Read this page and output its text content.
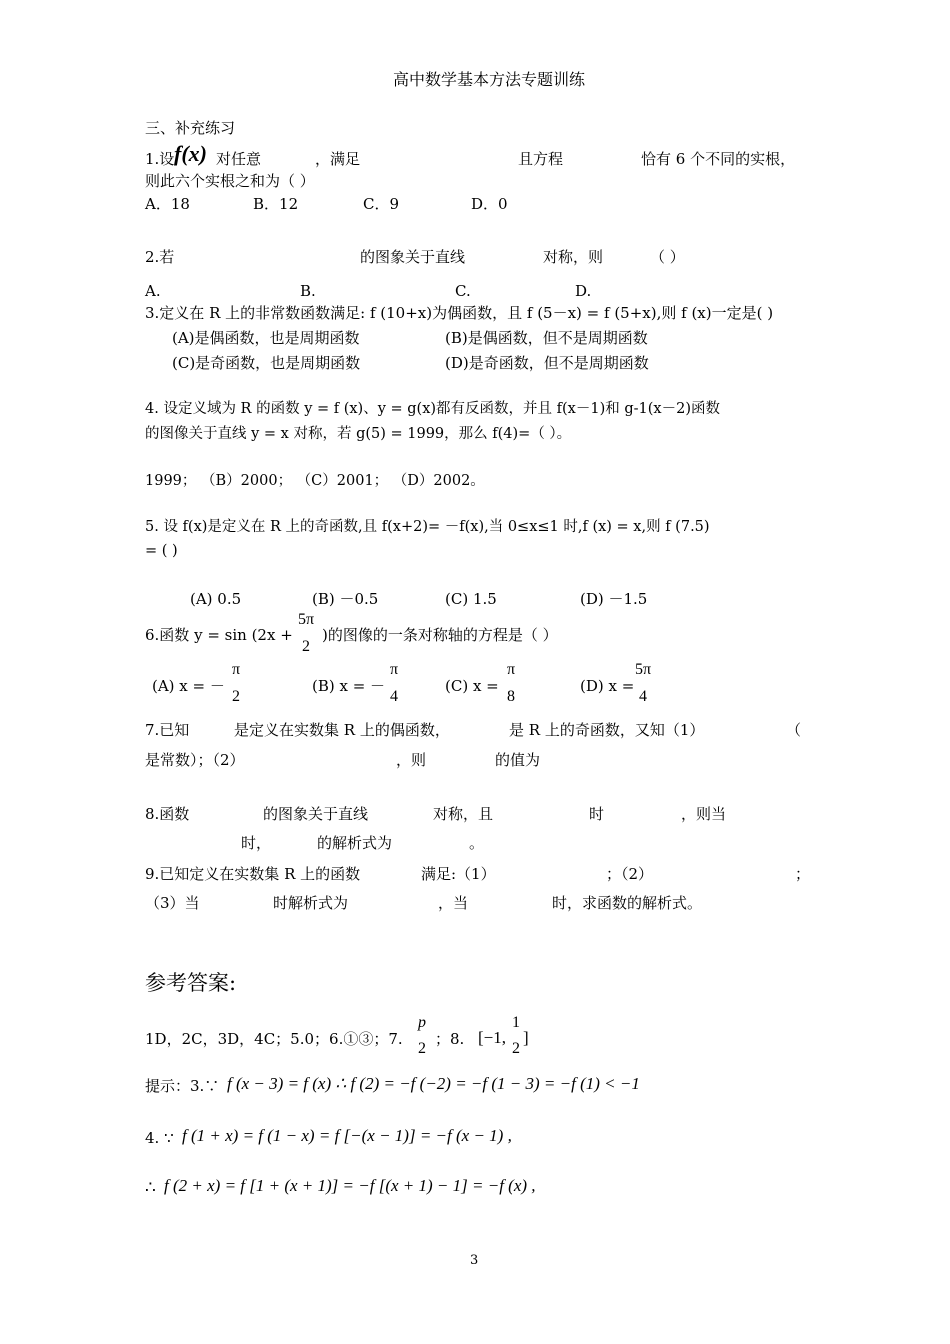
高中数学基本方法专题训练
三、补充练习
1.设 f(x) 对任意	，满足	且方程	恰有 6 个不同的实根，
则此六个实根之和为（ ）
A．18	B．12	C．9	D．0
2.若	的图象关于直线	对称，则	（ ）
A.	B.	C.	D.
3.定义在 R 上的非常数函数满足: f (10+x)为偶函数，且 f (5－x) = f (5+x),则 f (x)一定是( )
(A)是偶函数，也是周期函数	(B)是偶函数，但不是周期函数
(C)是奇函数，也是周期函数	(D)是奇函数，但不是周期函数
4. 设定义域为 R 的函数 y = f (x)、y = g(x)都有反函数，并且 f(x－1)和 g-1(x－2)函数
的图像关于直线 y = x 对称，若 g(5) = 1999，那么 f(4)=（ ）。
1999； （B）2000； （C）2001； （D）2002。
5. 设 f(x)是定义在 R 上的奇函数,且 f(x+2)= －f(x),当 0≤x≤1 时,f (x) = x,则 f (7.5)
= ( )
(A) 0.5	(B) －0.5	(C) 1.5	(D) －1.5
6.函数 y = sin (2x +
5π
2
)的图像的一条对称轴的方程是（ ）
(A) x = －
π
2
(B) x = －
π
4
(C) x =
π
8
(D) x =
5π
4
7.已知	是定义在实数集 R 上的偶函数，	是 R 上的奇函数，又知（1）	（
是常数）；（2）	，则	的值为
8.函数	的图象关于直线	对称，且	时	，则当
时，	的解析式为	。
9.已知定义在实数集 R 上的函数	满足:（1）	；（2）	；
（3）当	时解析式为	，当	时，求函数的解析式。
参考答案:
1D，2C，3D，4C；5.0；6.①③；7.
p
2
；8. [−1,
1
2
]
提示：3.∵ f (x − 3) = f (x) ∴ f (2) = −f (−2) = −f (1 − 3) = −f (1) < −1
4. ∵ f (1 + x) = f (1 − x) = f [−(x − 1)] = −f (x − 1) ,
∴ f (2 + x) = f [1 + (x + 1)] = −f [(x + 1) − 1] = −f (x) ,
3
